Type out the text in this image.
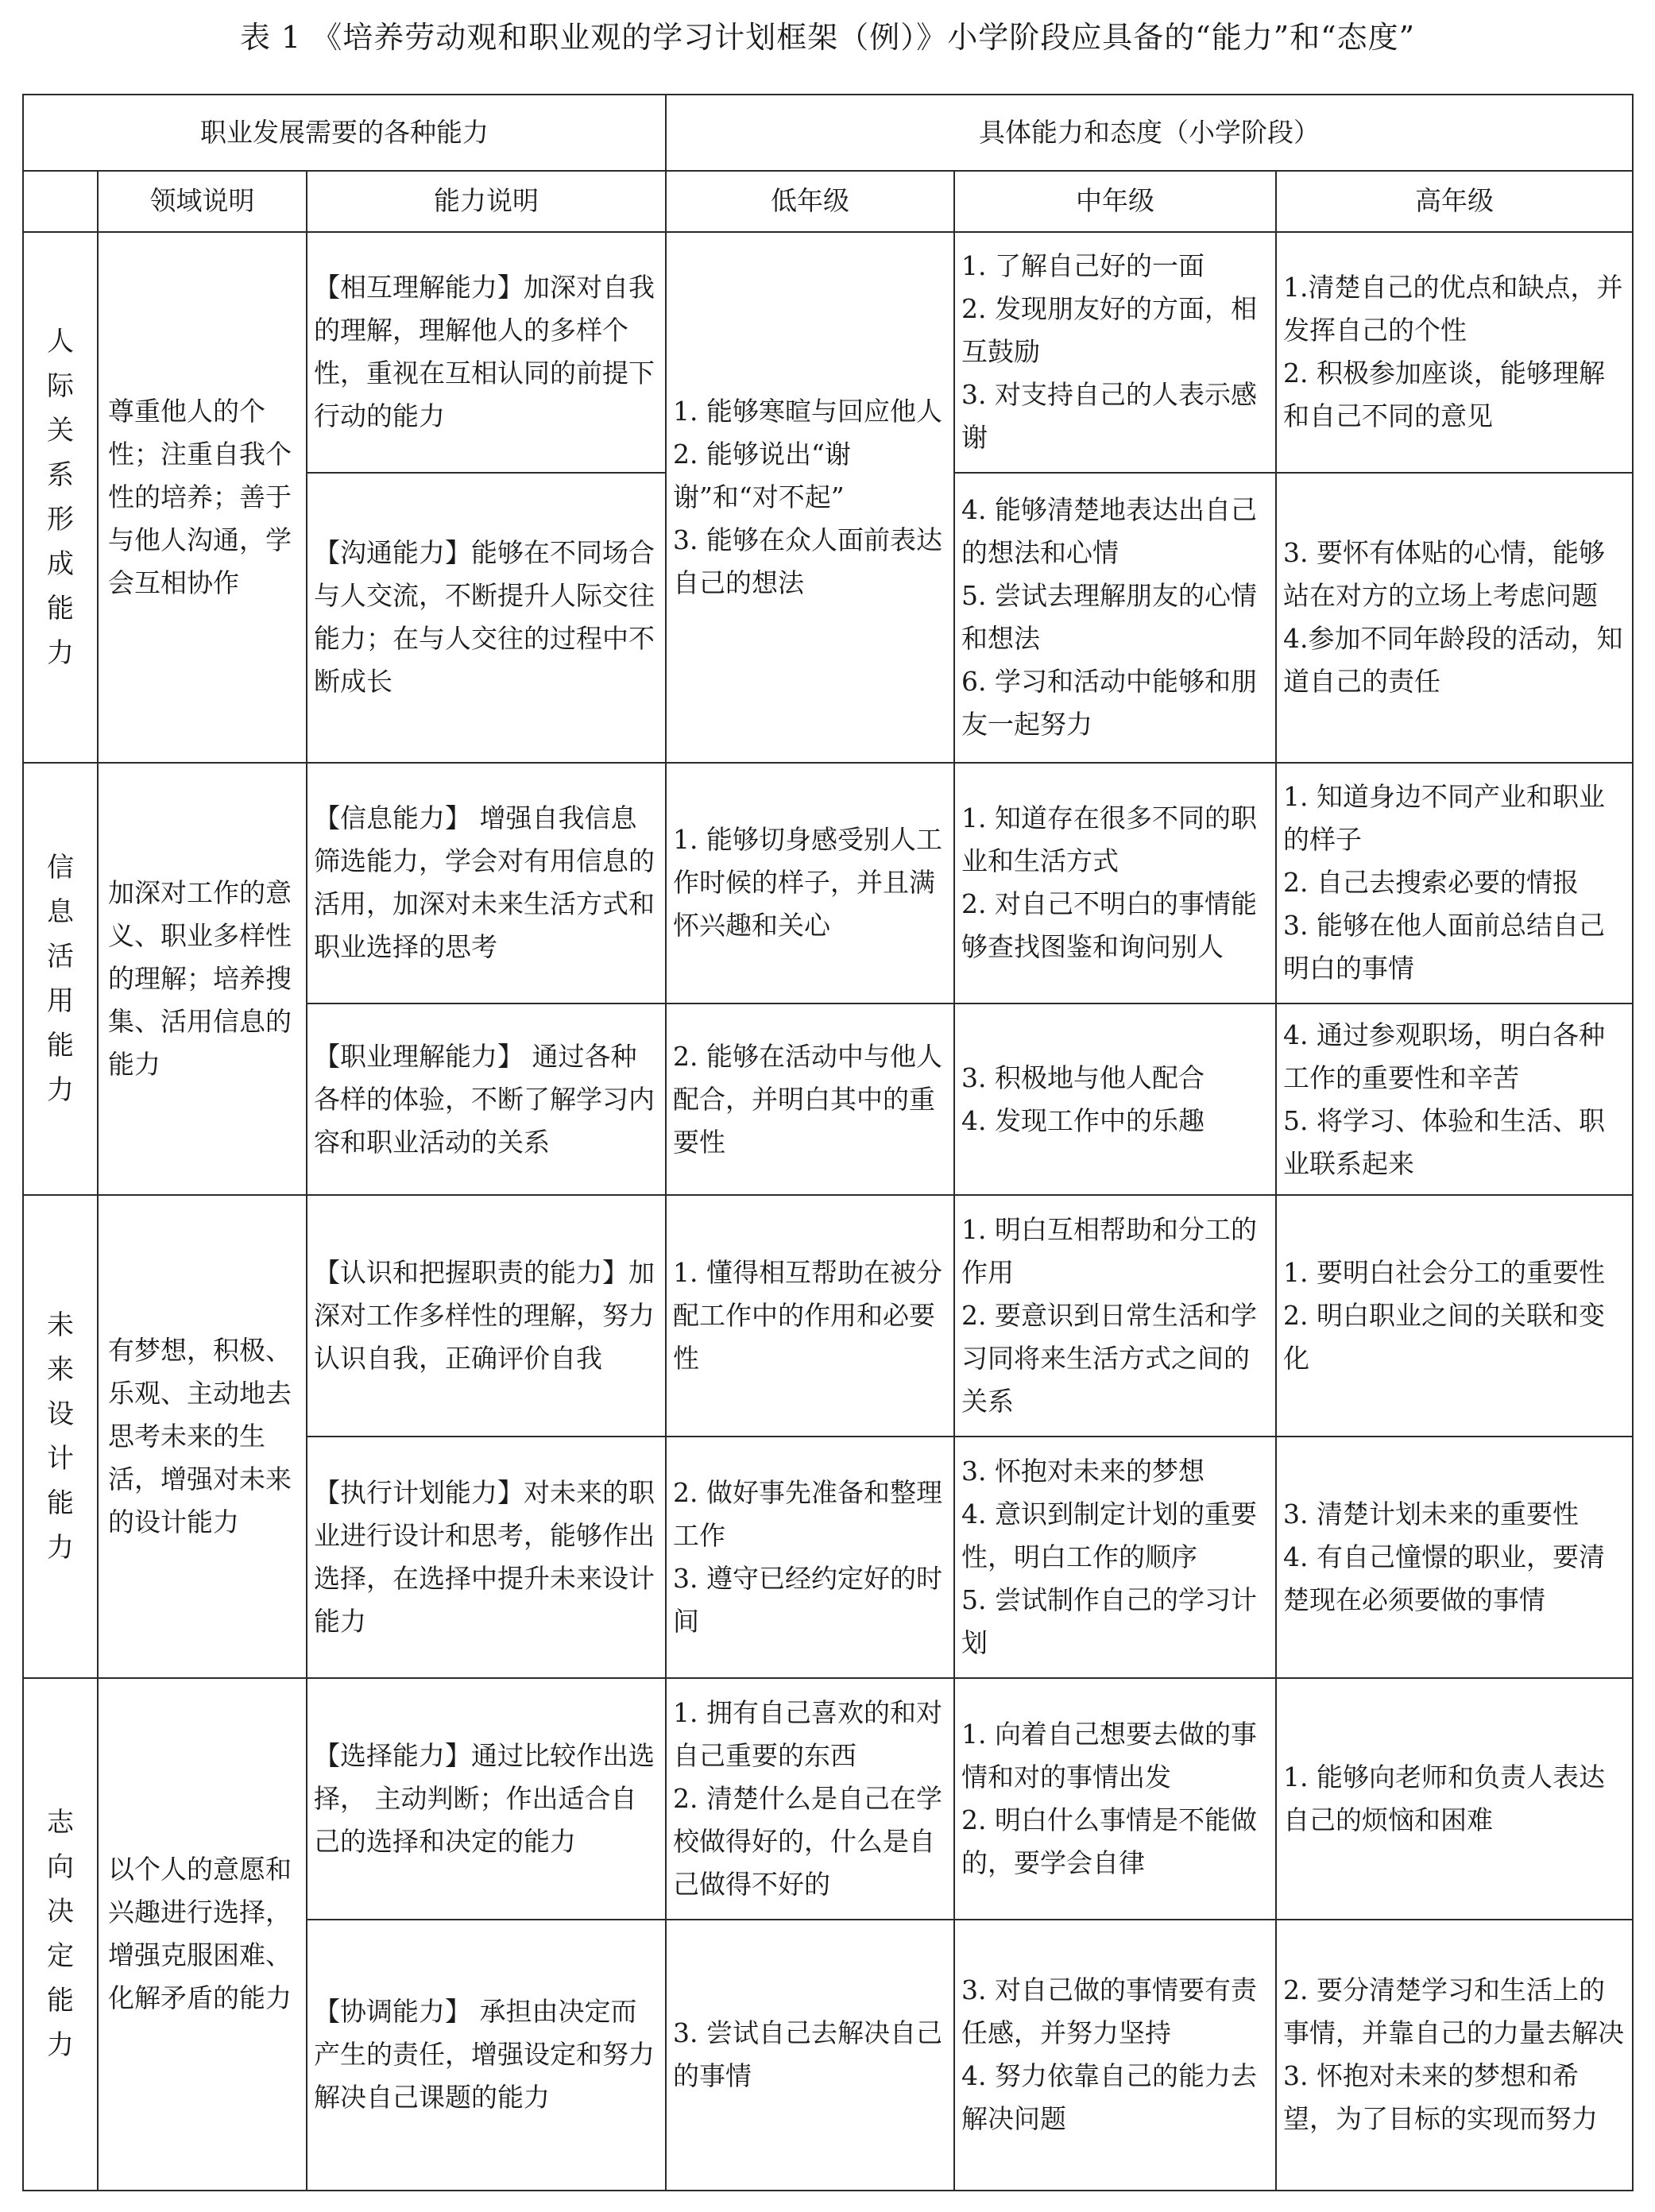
表 1 《培养劳动观和职业观的学习计划框架（例）》小学阶段应具备的“能力”和“态度”
职业发展需要的各种能力			具体能力和态度（小学阶段）		
	领域说明	能力说明	低年级	中年级	高年级
人际关系形成能力	尊重他人的个性；注重自我个性的培养；善于与他人沟通，学会互相协作	【相互理解能力】加深对自我的理解，理解他人的多样个性，重视在互相认同的前提下行动的能力	1. 能够寒暄与回应他人
2. 能够说出“谢谢”和“对不起”
3. 能够在众人面前表达自己的想法	1. 了解自己好的一面
2. 发现朋友好的方面，相互鼓励
3. 对支持自己的人表示感谢	1.清楚自己的优点和缺点，并发挥自己的个性
2. 积极参加座谈，能够理解和自己不同的意见

		【沟通能力】能够在不同场合与人交流，不断提升人际交往能力；在与人交往的过程中不断成长		4. 能够清楚地表达出自己的想法和心情
5. 尝试去理解朋友的心情和想法
6. 学习和活动中能够和朋友一起努力	3. 要怀有体贴的心情，能够站在对方的立场上考虑问题
4.参加不同年龄段的活动，知道自己的责任

信息活用能力	加深对工作的意义、职业多样性的理解；培养搜集、活用信息的能力	【信息能力】 增强自我信息筛选能力，学会对有用信息的活用，加深对未来生活方式和职业选择的思考	1. 能够切身感受别人工作时候的样子，并且满怀兴趣和关心	1. 知道存在很多不同的职业和生活方式
2. 对自己不明白的事情能够查找图鉴和询问别人	1. 知道身边不同产业和职业的样子
2. 自己去搜索必要的情报
3. 能够在他人面前总结自己明白的事情

		【职业理解能力】 通过各种各样的体验，不断了解学习内容和职业活动的关系	2. 能够在活动中与他人配合，并明白其中的重要性	3. 积极地与他人配合
4. 发现工作中的乐趣	4. 通过参观职场，明白各种工作的重要性和辛苦
5. 将学习、体验和生活、职业联系起来

未来设计能力	有梦想，积极、乐观、主动地去思考未来的生活，增强对未来的设计能力	【认识和把握职责的能力】加深对工作多样性的理解，努力认识自我，正确评价自我	1. 懂得相互帮助在被分配工作中的作用和必要性	1. 明白互相帮助和分工的作用
2. 要意识到日常生活和学习同将来生活方式之间的关系	1. 要明白社会分工的重要性
2. 明白职业之间的关联和变化

		【执行计划能力】对未来的职业进行设计和思考，能够作出选择，在选择中提升未来设计能力	2. 做好事先准备和整理工作
3. 遵守已经约定好的时间	3. 怀抱对未来的梦想
4. 意识到制定计划的重要性，明白工作的顺序
5. 尝试制作自己的学习计划	3. 清楚计划未来的重要性
4. 有自己憧憬的职业，要清楚现在必须要做的事情

志向决定能力	以个人的意愿和兴趣进行选择，增强克服困难、化解矛盾的能力	【选择能力】通过比较作出选择， 主动判断；作出适合自己的选择和决定的能力	1. 拥有自己喜欢的和对自己重要的东西
2. 清楚什么是自己在学校做得好的，什么是自己做得不好的	1. 向着自己想要去做的事情和对的事情出发
2. 明白什么事情是不能做的，要学会自律	1. 能够向老师和负责人表达自己的烦恼和困难

		【协调能力】 承担由决定而产生的责任，增强设定和努力解决自己课题的能力	3. 尝试自己去解决自己的事情	3. 对自己做的事情要有责任感，并努力坚持
4. 努力依靠自己的能力去解决问题	2. 要分清楚学习和生活上的事情，并靠自己的力量去解决
3. 怀抱对未来的梦想和希望，为了目标的实现而努力
